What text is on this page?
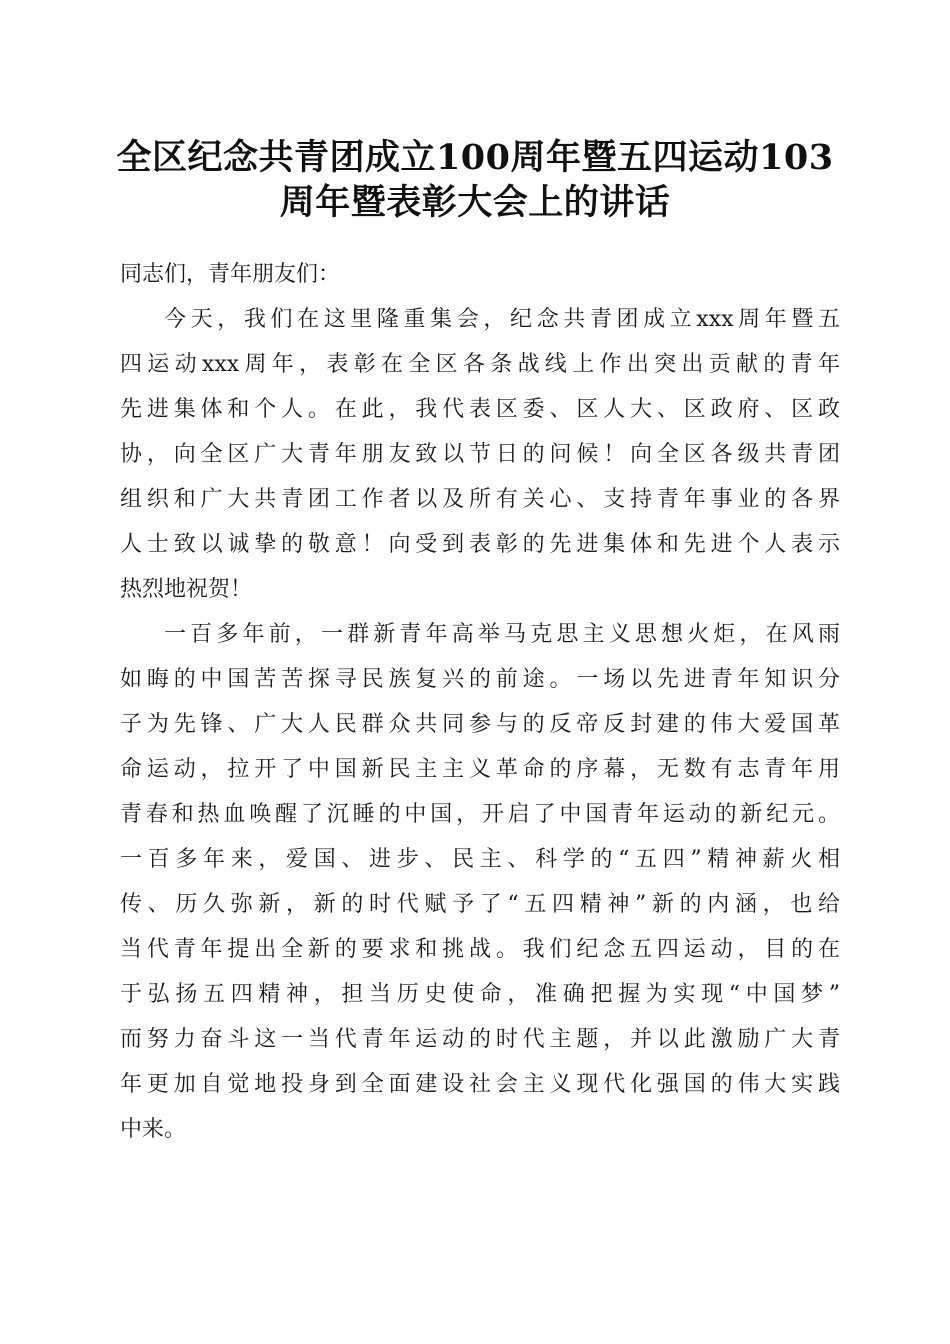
全区纪念共青团成立100周年暨五四运动103
周年暨表彰大会上的讲话
同志们，青年朋友们：
今天，我们在这里隆重集会，纪念共青团成立xxx周年暨五
四运动xxx周年，表彰在全区各条战线上作出突出贡献的青年
先进集体和个人。在此，我代表区委、区人大、区政府、区政
协，向全区广大青年朋友致以节日的问候！向全区各级共青团
组织和广大共青团工作者以及所有关心、支持青年事业的各界
人士致以诚挚的敬意！向受到表彰的先进集体和先进个人表示
热烈地祝贺！
一百多年前，一群新青年高举马克思主义思想火炬，在风雨
如晦的中国苦苦探寻民族复兴的前途。一场以先进青年知识分
子为先锋、广大人民群众共同参与的反帝反封建的伟大爱国革
命运动，拉开了中国新民主主义革命的序幕，无数有志青年用
青春和热血唤醒了沉睡的中国，开启了中国青年运动的新纪元。
一百多年来，爱国、进步、民主、科学的“五四”精神薪火相
传、历久弥新，新的时代赋予了“五四精神”新的内涵，也给
当代青年提出全新的要求和挑战。我们纪念五四运动，目的在
于弘扬五四精神，担当历史使命，准确把握为实现“中国梦”
而努力奋斗这一当代青年运动的时代主题，并以此激励广大青
年更加自觉地投身到全面建设社会主义现代化强国的伟大实践
中来。
